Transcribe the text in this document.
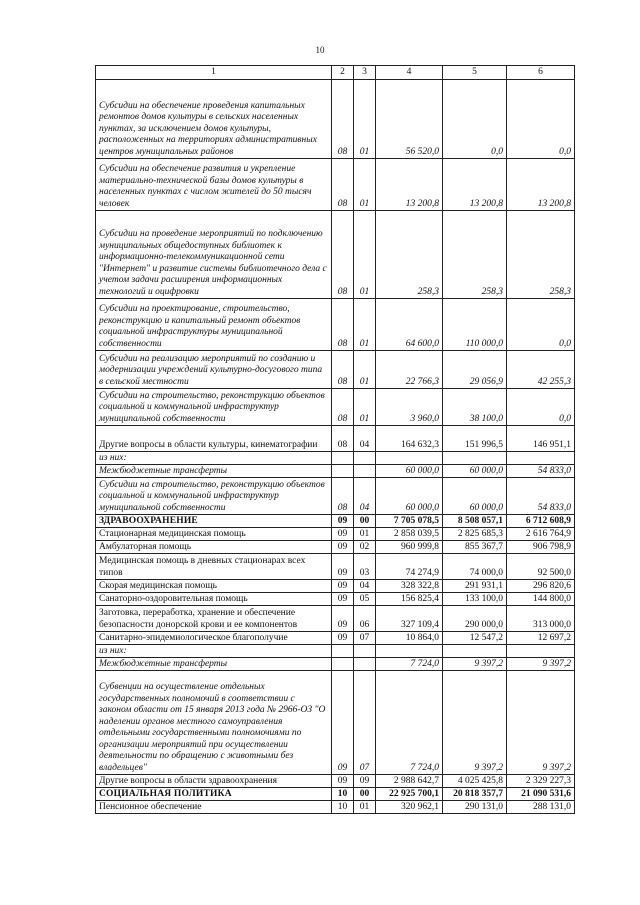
10
1	2	3	4	5	6
Субсидии на обеспечение проведения капитальных ремонтов домов культуры в сельских населенных пунктах, за исключением домов культуры, расположенных на территориях административных центров муниципальных районов	08	01	56 520,0	0,0	0,0
Субсидии на обеспечение развития и укрепление материально-технической базы домов культуры в населенных пунктах с числом жителей до 50 тысяч человек	08	01	13 200,8	13 200,8	13 200,8
Субсидии на проведение мероприятий по подключению муниципальных общедоступных библиотек к информационно-телекоммуникационной сети "Интернет" и развитие системы библиотечного дела с учетом задачи расширения информационных технологий и оцифровки	08	01	258,3	258,3	258,3
Субсидии на проектирование, строительство, реконструкцию и капитальный ремонт объектов социальной инфраструктуры муниципальной собственности	08	01	64 600,0	110 000,0	0,0
Субсидии на реализацию мероприятий по созданию и модернизации учреждений культурно-досугового типа в сельской местности	08	01	22 766,3	29 056,9	42 255,3
Субсидии на строительство, реконструкцию объектов социальной и коммунальной инфраструктур муниципальной собственности	08	01	3 960,0	38 100,0	0,0
Другие вопросы в области культуры, кинематографии	08	04	164 632,3	151 996,5	146 951,1
из них:					
Межбюджетные трансферты			60 000,0	60 000,0	54 833,0
Субсидии на строительство, реконструкцию объектов социальной и коммунальной инфраструктур муниципальной собственности	08	04	60 000,0	60 000,0	54 833,0
ЗДРАВООХРАНЕНИЕ	09	00	7 705 078,5	8 508 057,1	6 712 608,9
Стационарная медицинская помощь	09	01	2 858 039,5	2 825 685,3	2 616 764,9
Амбулаторная помощь	09	02	960 999,8	855 367,7	906 798,9
Медицинская помощь в дневных стационарах всех типов	09	03	74 274,9	74 000,0	92 500,0
Скорая медицинская помощь	09	04	328 322,8	291 931,1	296 820,6
Санаторно-оздоровительная помощь	09	05	156 825,4	133 100,0	144 800,0
Заготовка, переработка, хранение и обеспечение безопасности донорской крови и ее компонентов	09	06	327 109,4	290 000,0	313 000,0
Санитарно-эпидемиологическое благополучие	09	07	10 864,0	12 547,2	12 697,2
из них:					
Межбюджетные трансферты			7 724,0	9 397,2	9 397,2
Субвенции на осуществление отдельных государственных полномочий в соответствии с законом области от 15 января 2013 года № 2966-ОЗ "О наделении органов местного самоуправления отдельными государственными полномочиями по организации мероприятий при осуществлении деятельности по обращению с животными без владельцев"	09	07	7 724,0	9 397,2	9 397,2
Другие вопросы в области здравоохранения	09	09	2 988 642,7	4 025 425,8	2 329 227,3
СОЦИАЛЬНАЯ ПОЛИТИКА	10	00	22 925 700,1	20 818 357,7	21 090 531,6
Пенсионное обеспечение	10	01	320 962,1	290 131,0	288 131,0
